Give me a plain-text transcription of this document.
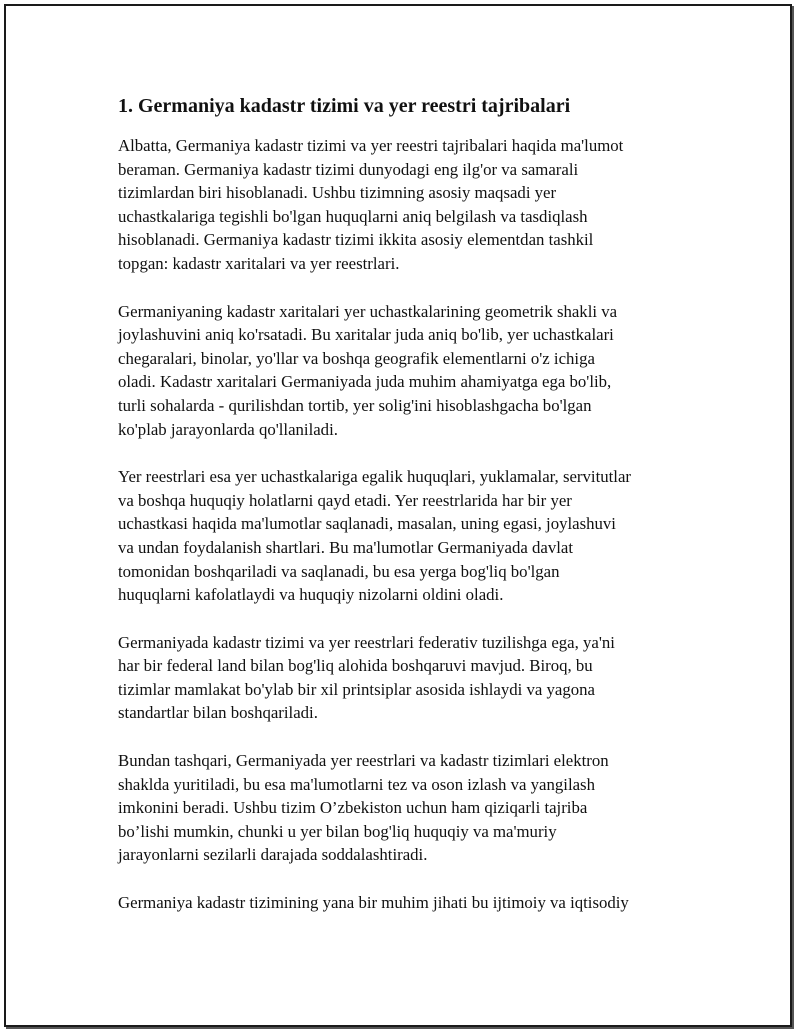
1. Germaniya kadastr tizimi va yer reestri tajribalari
Albatta, Germaniya kadastr tizimi va yer reestri tajribalari haqida ma'lumot
beraman. Germaniya kadastr tizimi dunyodagi eng ilg'or va samarali
tizimlardan biri hisoblanadi. Ushbu tizimning asosiy maqsadi yer
uchastkalariga tegishli bo'lgan huquqlarni aniq belgilash va tasdiqlash
hisoblanadi. Germaniya kadastr tizimi ikkita asosiy elementdan tashkil
topgan: kadastr xaritalari va yer reestrlari.
Germaniyaning kadastr xaritalari yer uchastkalarining geometrik shakli va
joylashuvini aniq ko'rsatadi. Bu xaritalar juda aniq bo'lib, yer uchastkalari
chegaralari, binolar, yo'llar va boshqa geografik elementlarni o'z ichiga
oladi. Kadastr xaritalari Germaniyada juda muhim ahamiyatga ega bo'lib,
turli sohalarda - qurilishdan tortib, yer solig'ini hisoblashgacha bo'lgan
ko'plab jarayonlarda qo'llaniladi.
Yer reestrlari esa yer uchastkalariga egalik huquqlari, yuklamalar, servitutlar
va boshqa huquqiy holatlarni qayd etadi. Yer reestrlarida har bir yer
uchastkasi haqida ma'lumotlar saqlanadi, masalan, uning egasi, joylashuvi
va undan foydalanish shartlari. Bu ma'lumotlar Germaniyada davlat
tomonidan boshqariladi va saqlanadi, bu esa yerga bog'liq bo'lgan
huquqlarni kafolatlaydi va huquqiy nizolarni oldini oladi.
Germaniyada kadastr tizimi va yer reestrlari federativ tuzilishga ega, ya'ni
har bir federal land bilan bog'liq alohida boshqaruvi mavjud. Biroq, bu
tizimlar mamlakat bo'ylab bir xil printsiplar asosida ishlaydi va yagona
standartlar bilan boshqariladi.
Bundan tashqari, Germaniyada yer reestrlari va kadastr tizimlari elektron
shaklda yuritiladi, bu esa ma'lumotlarni tez va oson izlash va yangilash
imkonini beradi. Ushbu tizim O’zbekiston uchun ham qiziqarli tajriba
bo’lishi mumkin, chunki u yer bilan bog'liq huquqiy va ma'muriy
jarayonlarni sezilarli darajada soddalashtiradi.
Germaniya kadastr tizimining yana bir muhim jihati bu ijtimoiy va iqtisodiy
